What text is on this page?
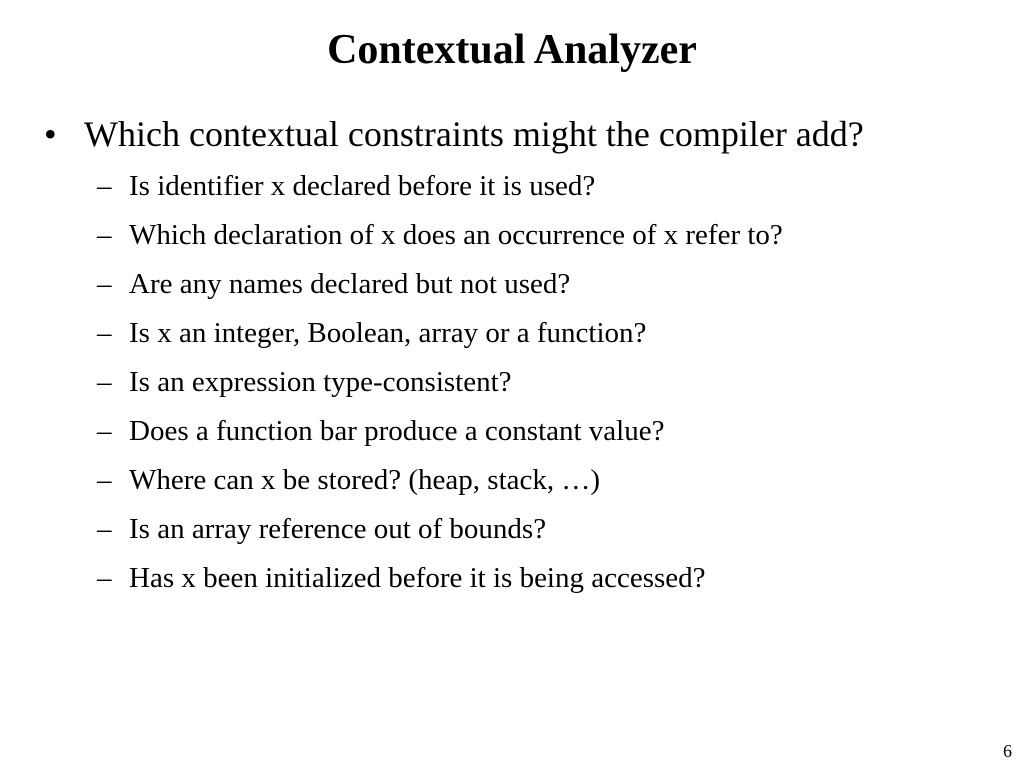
Contextual Analyzer
• Which contextual constraints might the compiler add?
– Is identifier x declared before it is used?
– Which declaration of x does an occurrence of x refer to?
– Are any names declared but not used?
– Is x an integer, Boolean, array or a function?
– Is an expression type-consistent?
– Does a function bar produce a constant value?
– Where can x be stored? (heap, stack, …)
– Is an array reference out of bounds?
– Has x been initialized before it is being accessed?
6
